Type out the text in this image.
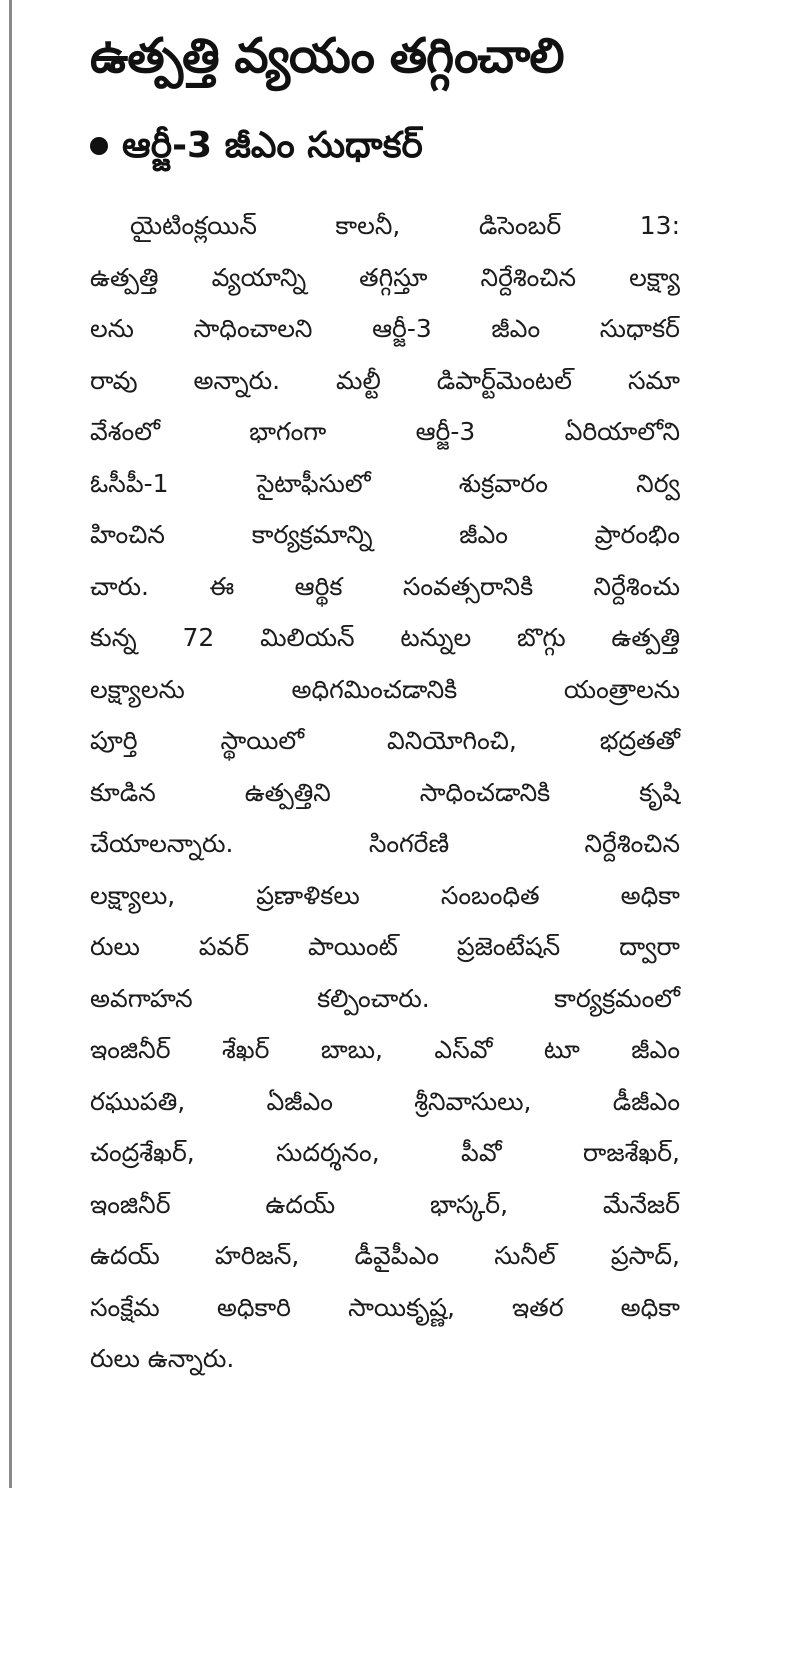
ఉత్పత్తి వ్యయం తగ్గించాలి
ఆర్జీ-3 జీఎం సుధాకర్
యైటింక్లయిన్ కాలనీ, డిసెంబర్ 13:
ఉత్పత్తి వ్యయాన్ని తగ్గిస్తూ నిర్దేశించిన లక్ష్యా
లను సాధించాలని ఆర్జీ-3 జీఎం సుధాకర్
రావు అన్నారు. మల్టీ డిపార్ట్‌మెంటల్ సమా
వేశంలో భాగంగా ఆర్జీ-3 ఏరియాలోని
ఓసీపీ-1 సైటాఫీసులో శుక్రవారం నిర్వ
హించిన కార్యక్రమాన్ని జీఎం ప్రారంభిం
చారు. ఈ ఆర్థిక సంవత్సరానికి నిర్దేశించు
కున్న 72 మిలియన్ టన్నుల బొగ్గు ఉత్పత్తి
లక్ష్యాలను అధిగమించడానికి యంత్రాలను
పూర్తి స్థాయిలో వినియోగించి, భద్రతతో
కూడిన ఉత్పత్తిని సాధించడానికి కృషి
చేయాలన్నారు. సింగరేణి నిర్దేశించిన
లక్ష్యాలు, ప్రణాళికలు సంబంధిత అధికా
రులు పవర్ పాయింట్ ప్రజెంటేషన్ ద్వారా
అవగాహన కల్పించారు. కార్యక్రమంలో
ఇంజినీర్ శేఖర్ బాబు, ఎస్‌వో టూ జీఎం
రఘుపతి, ఏజీఎం శ్రీనివాసులు, డీజీఎం
చంద్రశేఖర్, సుదర్శనం, పీవో రాజశేఖర్,
ఇంజినీర్ ఉదయ్ భాస్కర్, మేనేజర్
ఉదయ్ హరిజన్, డీవైపీఎం సునీల్ ప్రసాద్,
సంక్షేమ అధికారి సాయికృష్ణ, ఇతర అధికా
రులు ఉన్నారు.
